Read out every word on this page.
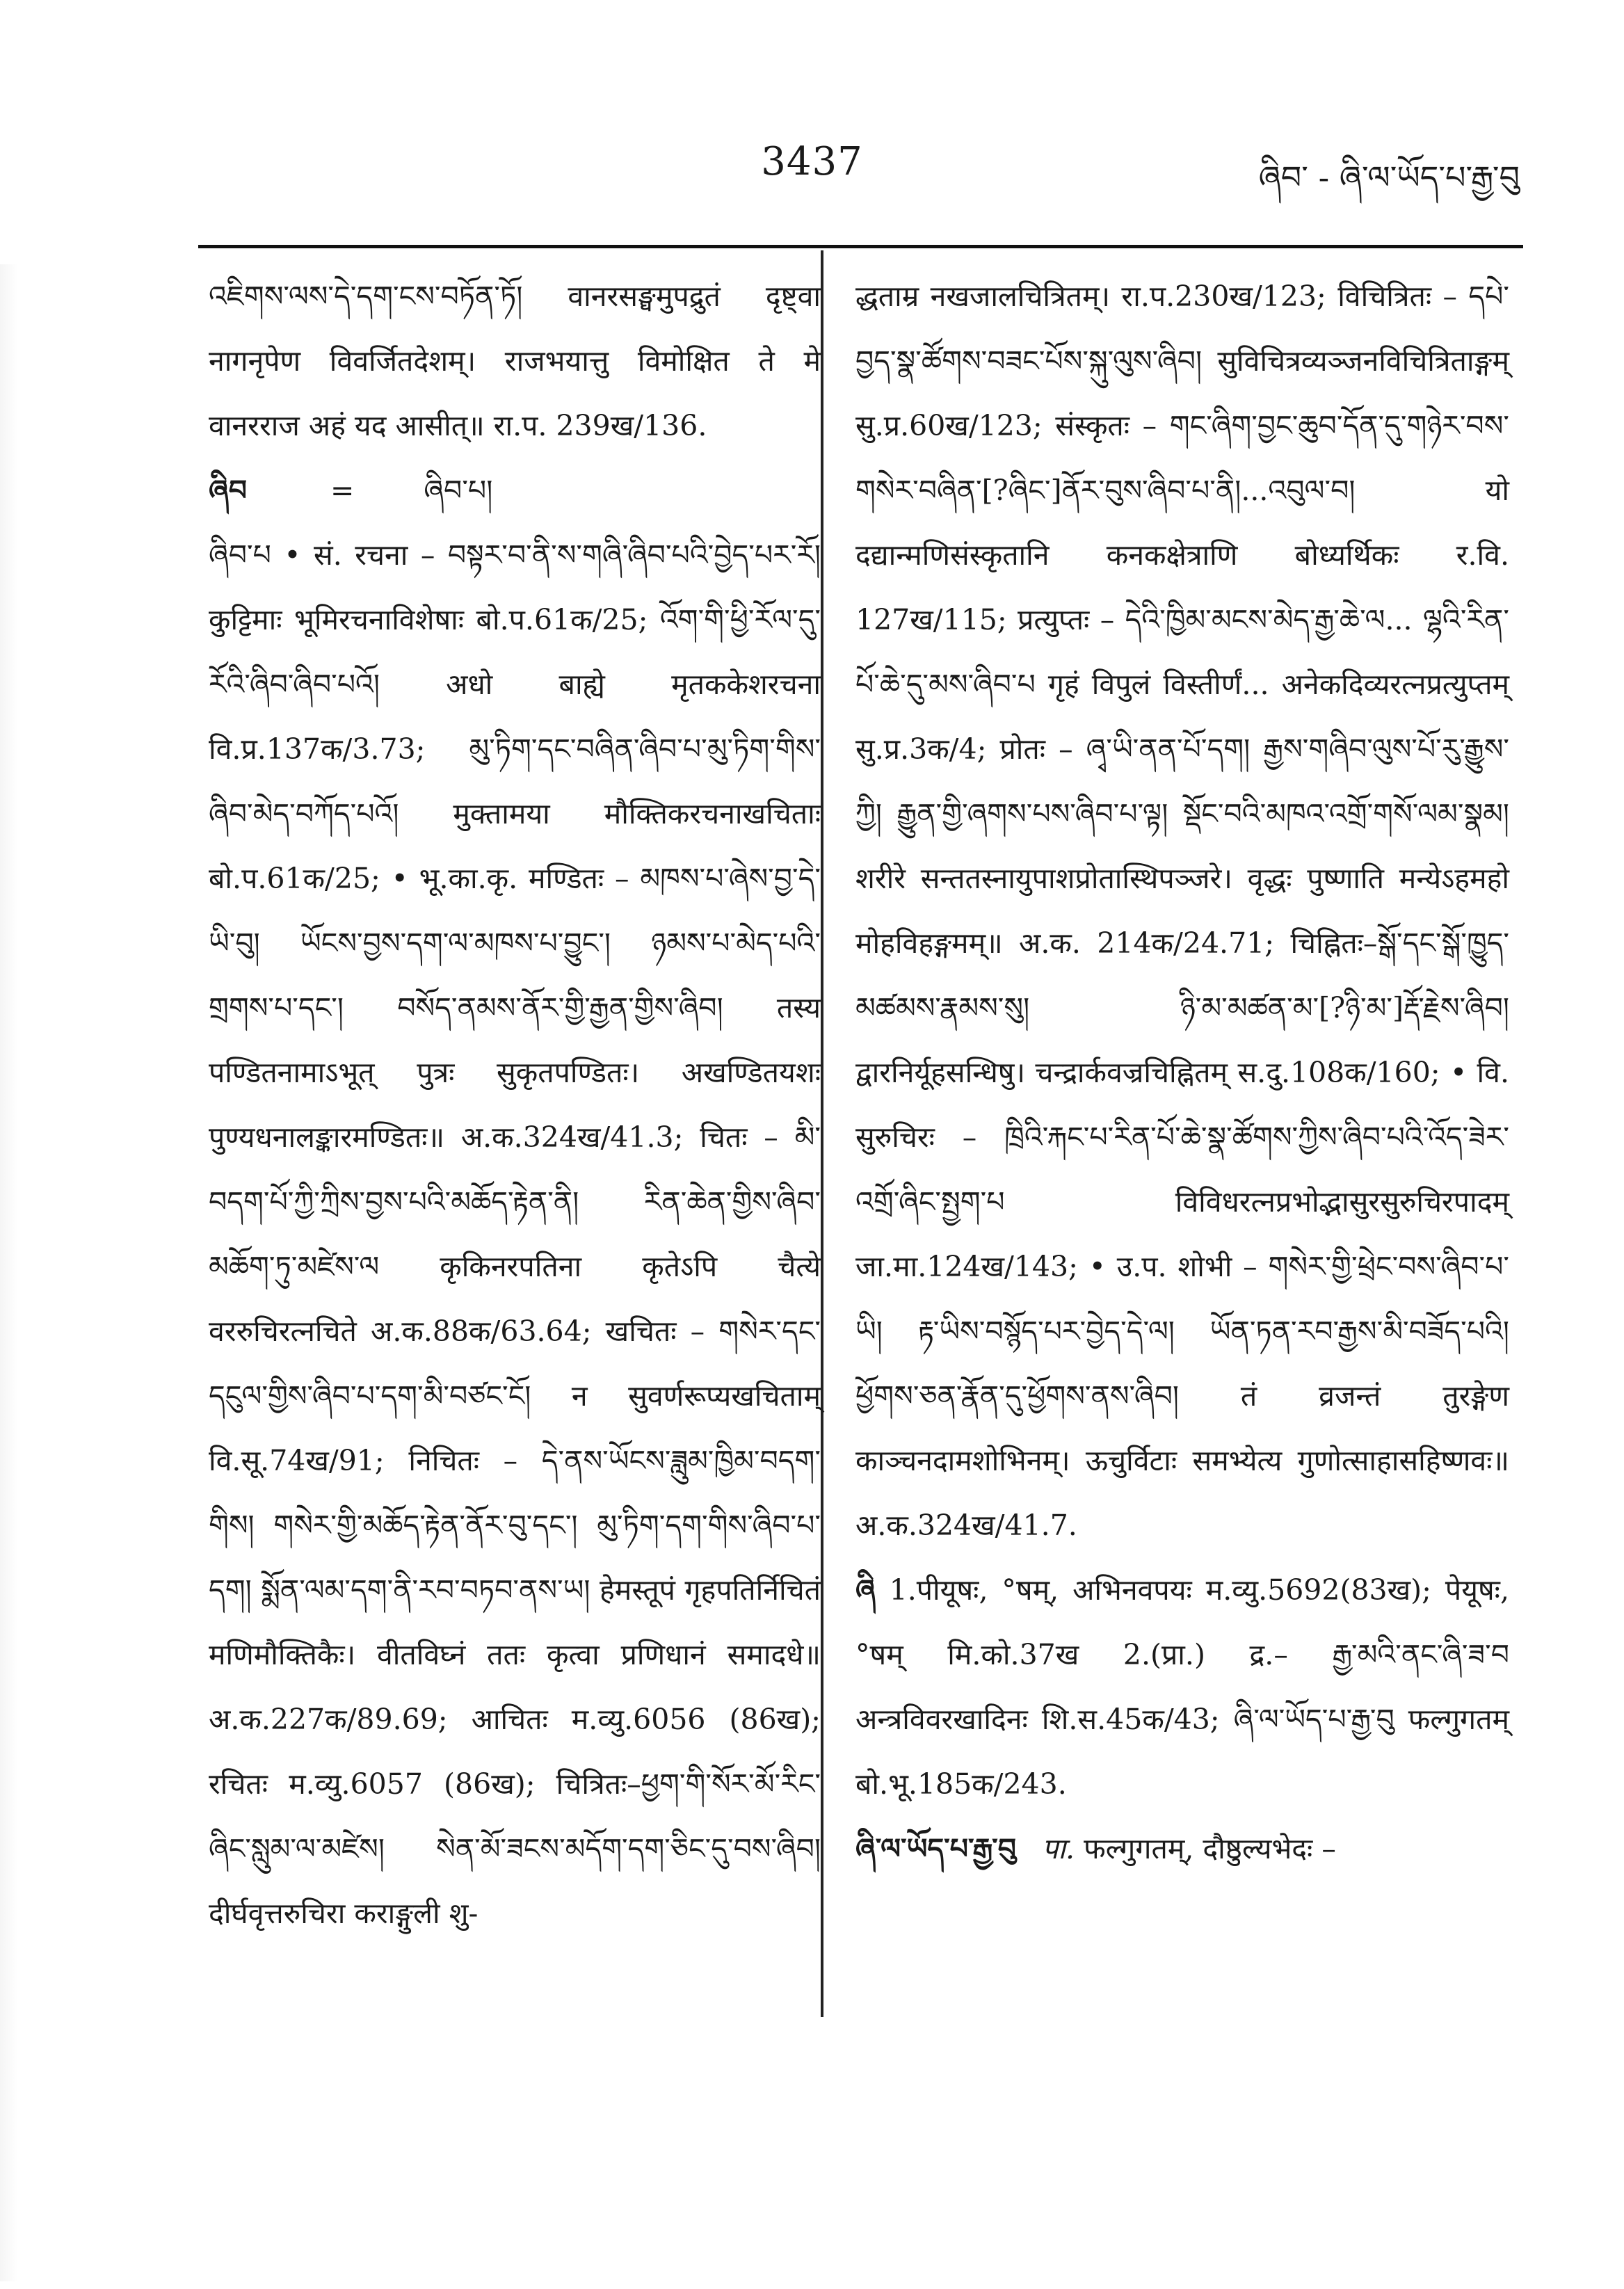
3437	ཞིབ་ - ཞི་ལ་ཡོད་པ་རྒྱ་བུ

འཇིགས་ལས་དེ་དག་ངས་བཏོན་ཏོ། वानरसङ्घमुपद्रुतं दृष्ट्वा नागनृपेण विवर्जितदेशम्। राजभयात्तु विमोक्षित ते मे वानरराज अहं यद आसीत्॥ रा.प. 239ख/136.

ཞིབ	= ཞིབ་པ།

ཞིབ་པ • सं. रचना – བསྟར་བ་ནི་ས་གཞི་ཞིབ་པའི་བྱེད་པར་རོ། कुट्टिमाः भूमिरचनाविशेषाः बो.प.61क/25; འོག་གི་ཕྱི་རོལ་དུ་རོའི་ཞིབ་ཞིབ་པའོ། अधो बाह्ये मृतककेशरचना वि.प्र.137क/3.73; མུ་ཏིག་དང་བཞིན་ཞིབ་པ་མུ་ཏིག་གིས་ཞིབ་མེད་བཀོད་པའོ། मुक्तामया मौक्तिकरचनाखचिताः बो.प.61क/25; • भू.का.कृ. मण्डितः – མཁས་པ་ཞེས་བྱ་དེ་ཡི་བུ། ཡོངས་བྱས་དག་ལ་མཁས་པ་བྱུང་། ཉམས་པ་མེད་པའི་གྲགས་པ་དང་། བསོད་ནམས་ནོར་གྱི་རྒྱན་གྱིས་ཞིབ། तस्य पण्डितनामाऽभूत् पुत्रः सुकृतपण्डितः। अखण्डितयशः पुण्यधनालङ्कारमण्डितः॥ अ.क.324ख/41.3; चितः – མི་བདག་པོ་ཀྱི་ཀྲིས་བྱས་པའི་མཆོད་རྟེན་ནི། རིན་ཆེན་གྱིས་ཞིབ་མཆོག་ཏུ་མཛེས་ལ कृकिनरपतिना कृतेऽपि चैत्ये वररुचिरत्नचिते अ.क.88क/63.64; खचितः – གསེར་དང་དངུལ་གྱིས་ཞིབ་པ་དག་མི་བཙང་ངོ། न सुवर्णरूप्यखचिताम् वि.सू.74ख/91; निचितः – དེ་ནས་ཡོངས་ཟླུམ་ཁྱིམ་བདག་གིས། གསེར་གྱི་མཆོད་རྟེན་ནོར་བུ་དང་། མུ་ཏིག་དག་གིས་ཞིབ་པ་དག། སྨོན་ལམ་དག་ནི་རབ་བཏབ་ནས་ཡ། हेमस्तूपं गृहपतिर्निचितं मणिमौक्तिकैः। वीतविघ्नं ततः कृत्वा प्रणिधानं समादधे॥ अ.क.227क/89.69; आचितः म.व्यु.6056 (86ख); रचितः म.व्यु.6057 (86ख); चित्रितः–ཕྱག་གི་སོར་མོ་རིང་ཞིང་སླུམ་ལ་མཛེས། སེན་མོ་ཟངས་མདོག་དག་ཅིང་དུ་བས་ཞིབ། दीर्घवृत्तरुचिरा कराङ्गुली शु-

द्धताम्र नखजालचित्रितम्। रा.प.230ख/123; विचित्रितः – དཔེ་བྱད་སྣ་ཚོགས་བཟང་པོས་སྐུ་ལུས་ཞིབ། सुविचित्रव्यञ्जनविचित्रिताङ्गम् सु.प्र.60ख/123; संस्कृतः – གང་ཞིག་བྱང་ཆུབ་དོན་དུ་གཉེར་བས་གསེར་བཞིན་[?ཞིང་]ནོར་བུས་ཞིབ་པ་ནི།...འབུལ་བ། यो दद्यान्मणिसंस्कृतानि कनकक्षेत्राणि बोध्यर्थिकः र.वि. 127ख/115; प्रत्युप्तः – དེའི་ཁྱིམ་མངས་མེད་རྒྱ་ཆེ་ལ... ལྷའི་རིན་པོ་ཆེ་དུ་མས་ཞིབ་པ गृहं विपुलं विस्तीर्णं... अनेकदिव्यरत्नप्रत्युप्तम् सु.प्र.3क/4; प्रोतः – ཞྭ་ཡི་ནན་པོ་དག། རྒྱས་གཞིབ་ལུས་པོ་རུ་རྒྱུས་ཀྱི། རྒྱུན་གྱི་ཞགས་པས་ཞིབ་པ་ལྟ། སྡོང་བའི་མཁའ་འགྲོ་གསོ་ལམ་སྣམ། शरीरे सन्ततस्नायुपाशप्रोतास्थिपञ्जरे। वृद्धः पुष्णाति मन्येऽहमहो मोहविहङ्गमम्॥ अ.क. 214क/24.71; चिह्नितः–སྒོ་དང་སྒོ་ཁྱུད་མཚམས་རྣམས་སུ། ཉི་མ་མཚན་མ་[?ཉི་མ་]རྡོ་རྗེས་ཞིབ། द्वारनिर्यूहसन्धिषु। चन्द्रार्कवज्रचिह्नितम् स.दु.108क/160; • वि. सुरुचिरः – ཁྲིའི་རྐང་པ་རིན་པོ་ཆེ་སྣ་ཚོགས་ཀྱིས་ཞིབ་པའི་འོད་ཟེར་འགྲོ་ཞིང་སྤྱག་པ विविधरत्नप्रभोद्भासुरसुरुचिरपादम् जा.मा.124ख/143; • उ.प. शोभी – གསེར་གྱི་ཕྲེང་བས་ཞིབ་པ་ཡི། རྟ་ཡིས་བསྙོད་པར་བྱེད་དེ་ལ། ཡོན་ཏན་རབ་རྒྱས་མི་བཟོད་པའི། ཕྱོགས་ཅན་རྣོན་དུ་ཕྱོགས་ནས་ཞིབ། तं व्रजन्तं तुरङ्गेण काञ्चनदामशोभिनम्। ऊचुर्विटाः समभ्येत्य गुणोत्साहासहिष्णवः॥ अ.क.324ख/41.7.

ཞི 1.पीयूषः, °षम्, अभिनवपयः म.व्यु.5692(83ख); पेयूषः, °षम् मि.को.37ख 2.(प्रा.) द्र.– རྒྱ་མའི་ནང་ཞི་ཟ་བ अन्त्रविवरखादिनः शि.स.45क/43; ཞི་ལ་ཡོད་པ་རྒྱ་བུ फल्गुगतम् बो.भू.185क/243.

ཞི་ལ་ཡོད་པ་རྒྱ་བུ पा. फल्गुगतम्, दौष्ठुल्यभेदः –
